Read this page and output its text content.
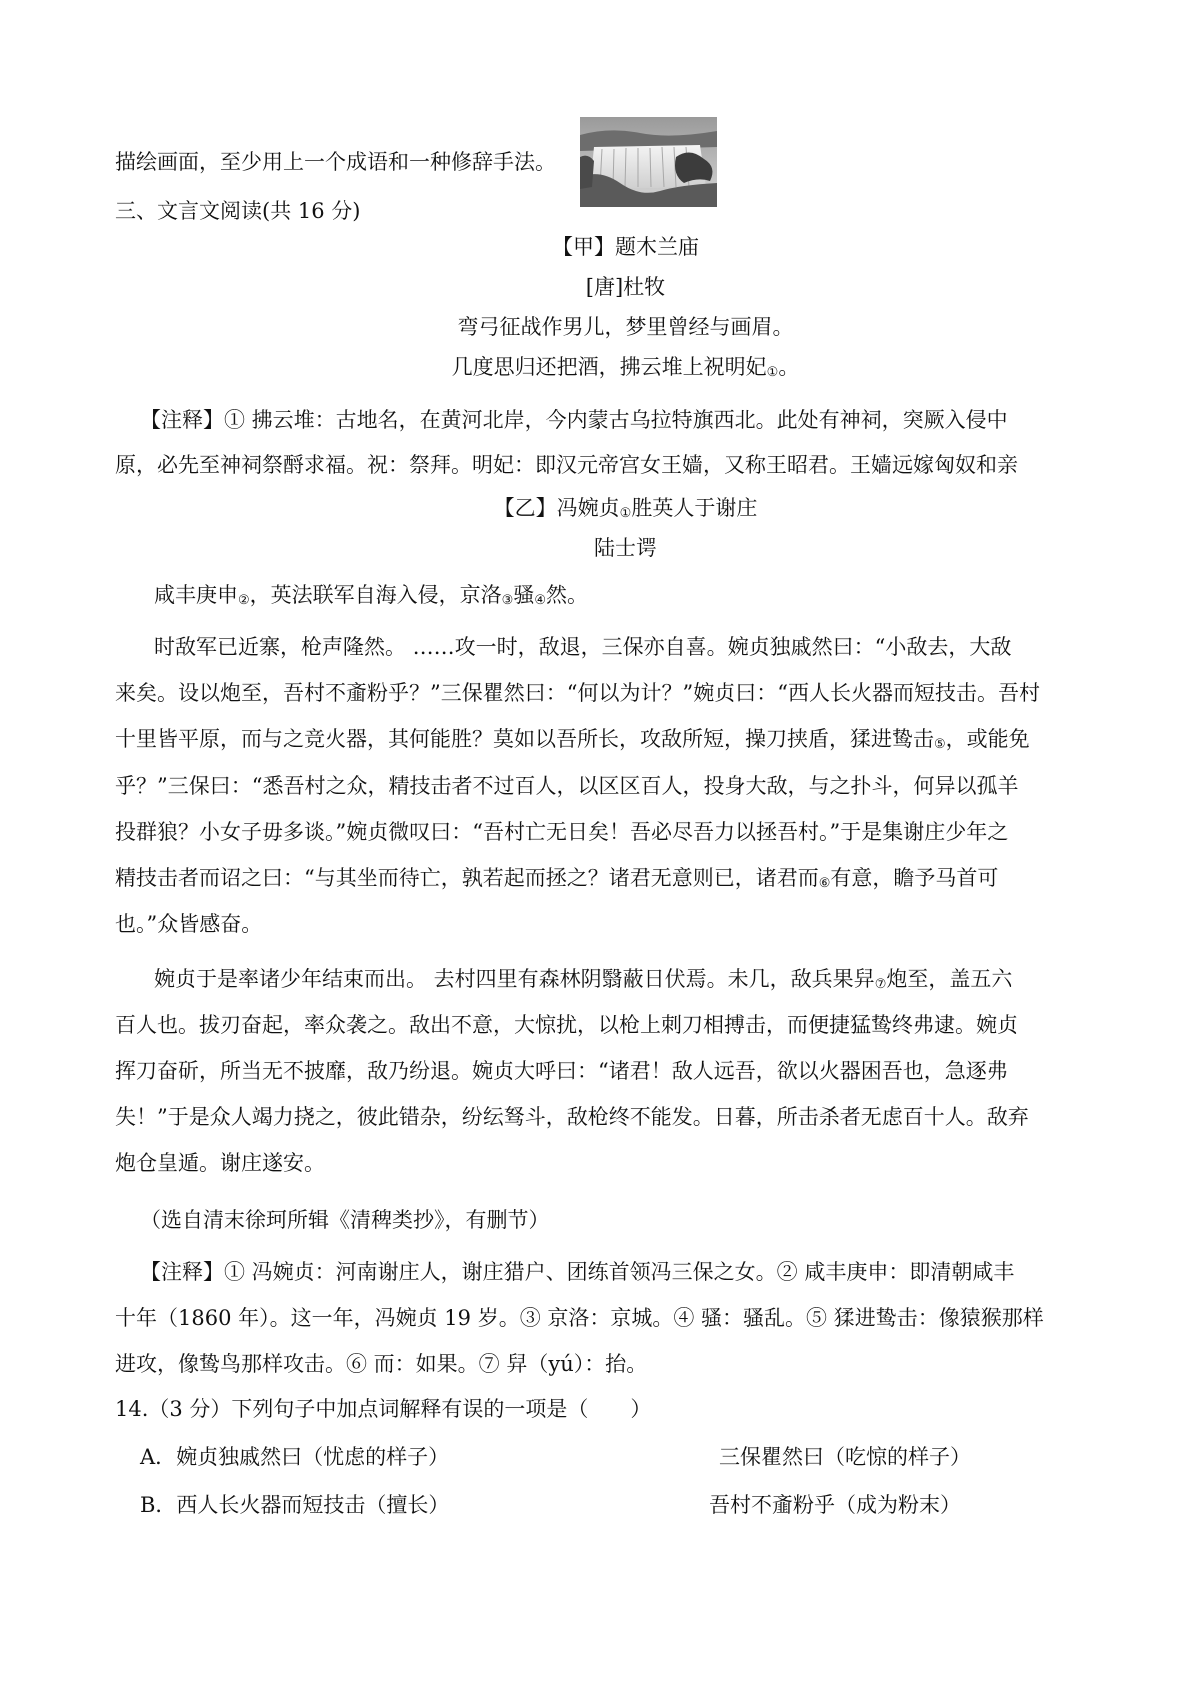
描绘画面，至少用上一个成语和一种修辞手法。
三、文言文阅读(共 16 分)
【甲】题木兰庙
[唐]杜牧
弯弓征战作男儿，梦里曾经与画眉。
几度思归还把酒，拂云堆上祝明妃①。
【注释】① 拂云堆：古地名，在黄河北岸，今内蒙古乌拉特旗西北。此处有神祠，突厥入侵中
原，必先至神祠祭酹求福。祝：祭拜。明妃：即汉元帝宫女王嫱，又称王昭君。王嫱远嫁匈奴和亲
【乙】冯婉贞①胜英人于谢庄
陆士谔
咸丰庚申②，英法联军自海入侵，京洛③骚④然。
时敌军已近寨，枪声隆然。 ……攻一时，敌退，三保亦自喜。婉贞独戚然曰：“小敌去，大敌
来矣。设以炮至，吾村不齑粉乎？”三保瞿然曰：“何以为计？”婉贞曰：“西人长火器而短技击。吾村
十里皆平原，而与之竞火器，其何能胜？莫如以吾所长，攻敌所短，操刀挟盾，猱进鸷击⑤，或能免
乎？”三保曰：“悉吾村之众，精技击者不过百人，以区区百人，投身大敌，与之扑斗，何异以孤羊
投群狼？小女子毋多谈。”婉贞微叹曰：“吾村亡无日矣！吾必尽吾力以拯吾村。”于是集谢庄少年之
精技击者而诏之曰：“与其坐而待亡，孰若起而拯之？诸君无意则已，诸君而⑥有意，瞻予马首可
也。”众皆感奋。
婉贞于是率诸少年结束而出。 去村四里有森林阴翳蔽日伏焉。未几，敌兵果舁⑦炮至，盖五六
百人也。拔刃奋起，率众袭之。敌出不意，大惊扰，以枪上刺刀相搏击，而便捷猛鸷终弗逮。婉贞
挥刀奋斫，所当无不披靡，敌乃纷退。婉贞大呼曰：“诸君！敌人远吾，欲以火器困吾也，急逐弗
失！”于是众人竭力挠之，彼此错杂，纷纭驽斗，敌枪终不能发。日暮，所击杀者无虑百十人。敌弃
炮仓皇遁。谢庄遂安。
（选自清末徐珂所辑《清稗类抄》，有删节）
【注释】① 冯婉贞：河南谢庄人，谢庄猎户、团练首领冯三保之女。② 咸丰庚申：即清朝咸丰
十年（1860 年）。这一年，冯婉贞 19 岁。③ 京洛：京城。④ 骚：骚乱。⑤ 猱进鸷击：像猿猴那样
进攻，像鸷鸟那样攻击。⑥ 而：如果。⑦ 舁（yú）：抬。
14.（3 分）下列句子中加点词解释有误的一项是（　　）
A．婉贞独戚然曰（忧虑的样子）	三保瞿然曰（吃惊的样子）
B．西人长火器而短技击（擅长）	吾村不齑粉乎（成为粉末）
